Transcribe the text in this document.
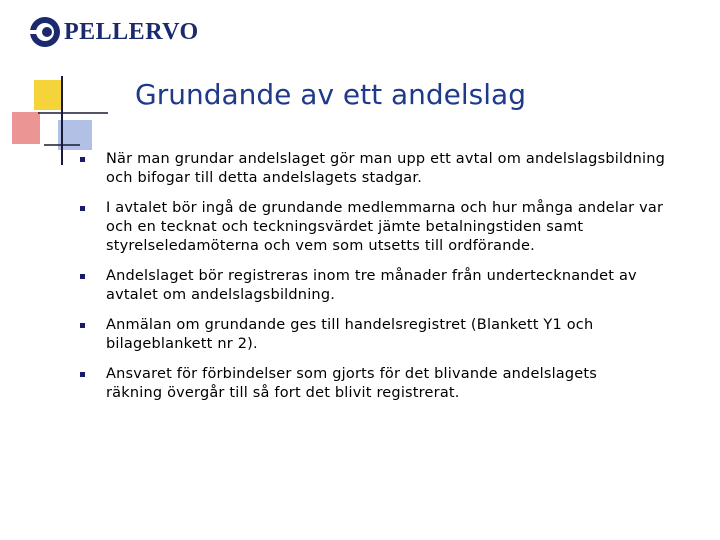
PELLERVO
Grundande av ett andelslag
När man grundar andelslaget gör man upp ett avtal om andelslagsbildning
och bifogar till detta andelslagets stadgar.
I avtalet bör ingå de grundande medlemmarna och hur många andelar var
och en tecknat och teckningsvärdet jämte betalningstiden samt
styrelseledamöterna och vem som utsetts till ordförande.
Andelslaget bör registreras inom tre månader från undertecknandet av
avtalet om andelslagsbildning.
Anmälan om grundande ges till handelsregistret (Blankett Y1 och
bilageblankett nr 2).
Ansvaret för förbindelser som gjorts för det blivande andelslagets
räkning övergår till så fort det blivit registrerat.
